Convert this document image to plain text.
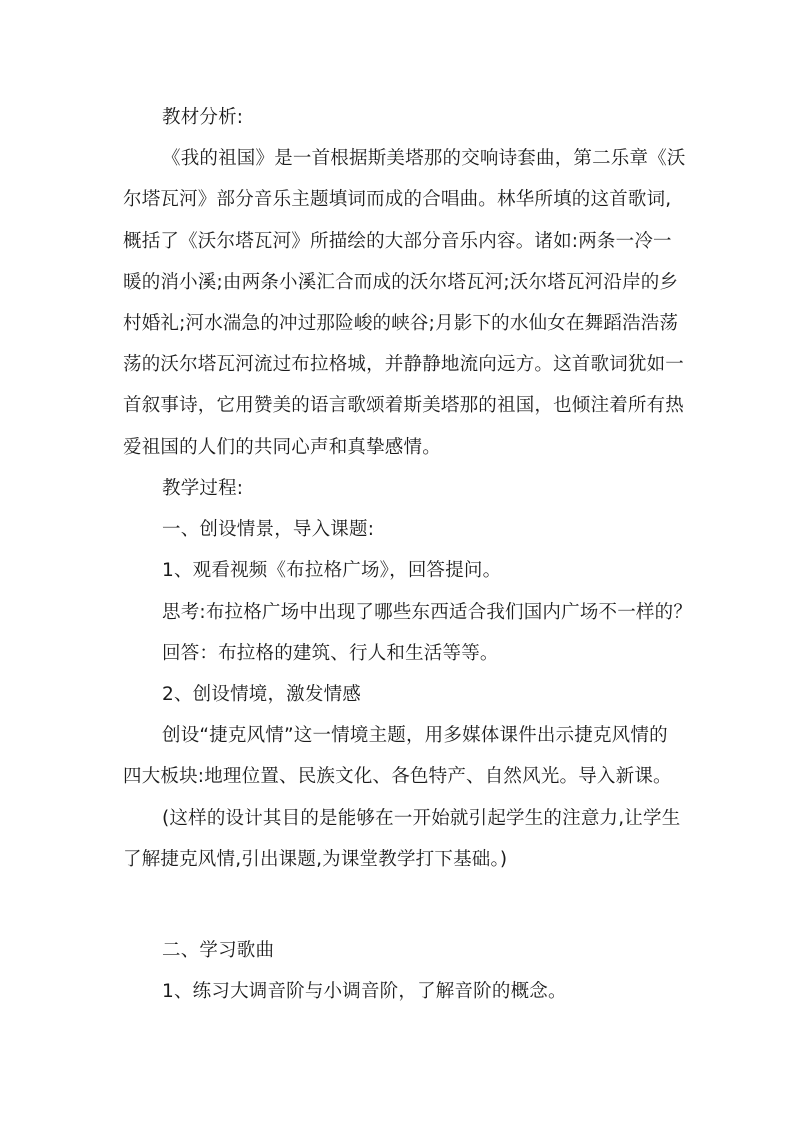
教材分析:
《我的祖国》是一首根据斯美塔那的交响诗套曲，第二乐章《沃
尔塔瓦河》部分音乐主题填词而成的合唱曲。林华所填的这首歌词,
概括了《沃尔塔瓦河》所描绘的大部分音乐内容。诸如:两条一冷一
暖的消小溪;由两条小溪汇合而成的沃尔塔瓦河;沃尔塔瓦河沿岸的乡
村婚礼;河水湍急的冲过那险峻的峡谷;月影下的水仙女在舞蹈浩浩荡
荡的沃尔塔瓦河流过布拉格城，并静静地流向远方。这首歌词犹如一
首叙事诗，它用赞美的语言歌颂着斯美塔那的祖国，也倾注着所有热
爱祖国的人们的共同心声和真挚感情。
教学过程:
一、创设情景，导入课题:
1、观看视频《布拉格广场》，回答提问。
思考:布拉格广场中出现了哪些东西适合我们国内广场不一样的？
回答：布拉格的建筑、行人和生活等等。
2、创设情境，激发情感
创设“捷克风情”这一情境主题，用多媒体课件出示捷克风情的
四大板块:地理位置、民族文化、各色特产、自然风光。导入新课。
(这样的设计其目的是能够在一开始就引起学生的注意力,让学生
了解捷克风情,引出课题,为课堂教学打下基础。)
二、学习歌曲
1、练习大调音阶与小调音阶，了解音阶的概念。
